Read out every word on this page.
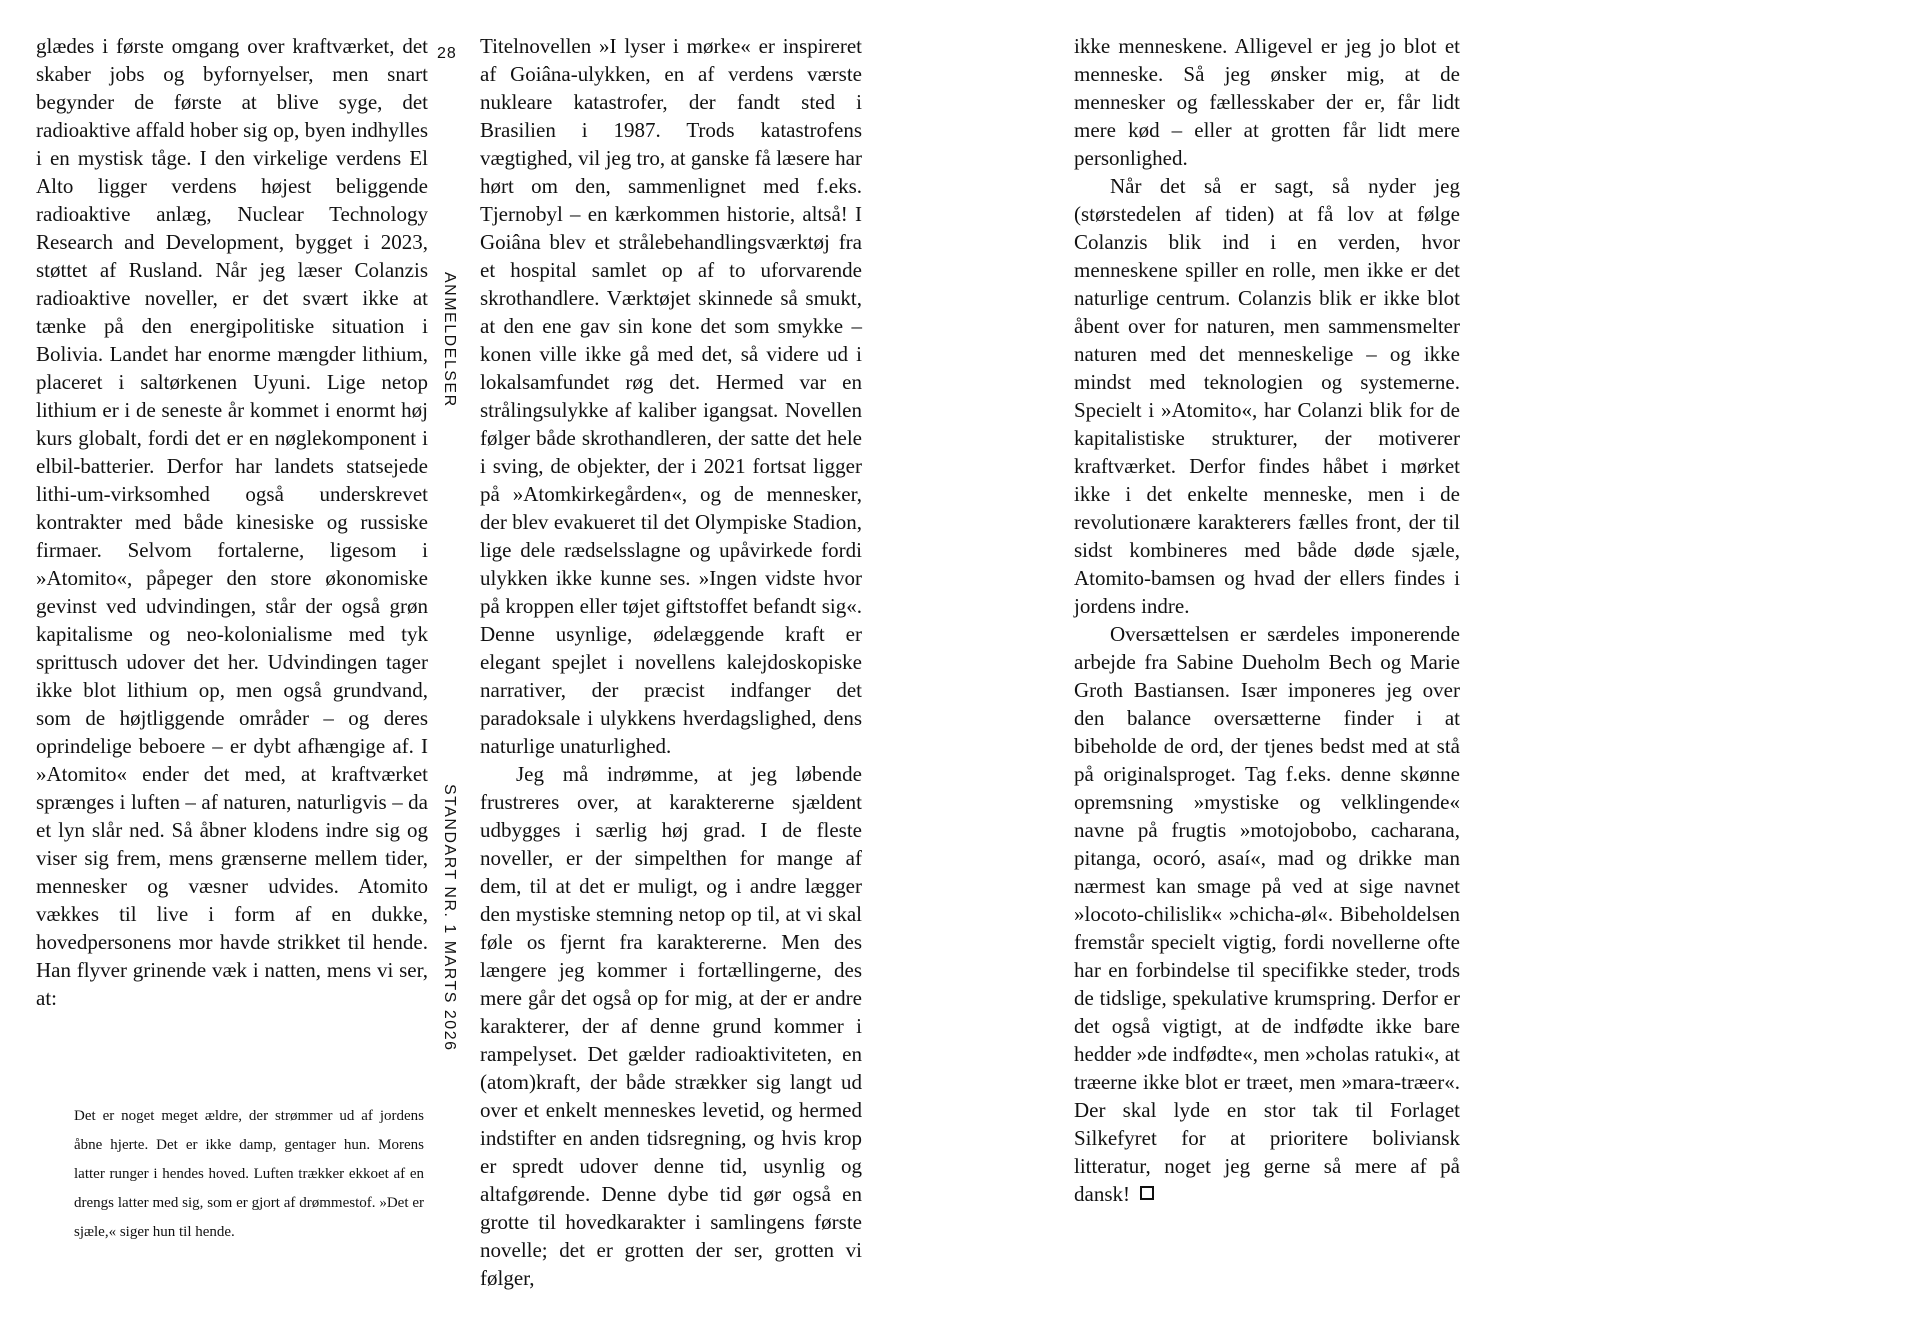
glædes i første omgang over kraftværket, det skaber jobs og byfornyelser, men snart begynder de første at blive syge, det radioaktive affald hober sig op, byen indhylles i en mystisk tåge. I den virkelige verdens El Alto ligger verdens højest beliggende radioaktive anlæg, Nuclear Technology Research and Development, bygget i 2023, støttet af Rusland. Når jeg læser Colanzis radioaktive noveller, er det svært ikke at tænke på den energipolitiske situation i Bolivia. Landet har enorme mængder lithium, placeret i saltørkenen Uyuni. Lige netop lithium er i de seneste år kommet i enormt høj kurs globalt, fordi det er en nøglekomponent i elbil-batterier. Derfor har landets statsejede lithi-um-virksomhed også underskrevet kontrakter med både kinesiske og russiske firmaer. Selvom fortalerne, ligesom i »Atomito«, påpeger den store økonomiske gevinst ved udvindingen, står der også grøn kapitalisme og neo-kolonialisme med tyk sprittusch udover det her. Udvindingen tager ikke blot lithium op, men også grundvand, som de højtliggende områder – og deres oprindelige beboere – er dybt afhængige af. I »Atomito« ender det med, at kraftværket sprænges i luften – af naturen, naturligvis – da et lyn slår ned. Så åbner klodens indre sig og viser sig frem, mens grænserne mellem tider, mennesker og væsner udvides. Atomito vækkes til live i form af en dukke, hovedpersonens mor havde strikket til hende. Han flyver grinende væk i natten, mens vi ser, at:

Det er noget meget ældre, der strømmer ud af jordens åbne hjerte. Det er ikke damp, gentager hun. Morens latter runger i hendes hoved. Luften trækker ekkoet af en drengs latter med sig, som er gjort af drømmestof. »Det er sjæle,« siger hun til hende.
28
ANMELDELSER
STANDART NR. 1 MARTS 2026

Titelnovellen »I lyser i mørke« er inspireret af Goiâna-ulykken, en af verdens værste nukleare katastrofer, der fandt sted i Brasilien i 1987. Trods katastrofens vægtighed, vil jeg tro, at ganske få læsere har hørt om den, sammenlignet med f.eks. Tjernobyl – en kærkommen historie, altså! I Goiâna blev et strålebehandlingsværktøj fra et hospital samlet op af to uforvarende skrothandlere. Værktøjet skinnede så smukt, at den ene gav sin kone det som smykke – konen ville ikke gå med det, så videre ud i lokalsamfundet røg det. Hermed var en strålingsulykke af kaliber igangsat. Novellen følger både skrothandleren, der satte det hele i sving, de objekter, der i 2021 fortsat ligger på »Atomkirkegården«, og de mennesker, der blev evakueret til det Olympiske Stadion, lige dele rædselsslagne og upåvirkede fordi ulykken ikke kunne ses. »Ingen vidste hvor på kroppen eller tøjet giftstoffet befandt sig«. Denne usynlige, ødelæggende kraft er elegant spejlet i novellens kalejdoskopiske narrativer, der præcist indfanger det paradoksale i ulykkens hverdagslighed, dens naturlige unaturlighed.

Jeg må indrømme, at jeg løbende frustreres over, at karaktererne sjældent udbygges i særlig høj grad. I de fleste noveller, er der simpelthen for mange af dem, til at det er muligt, og i andre lægger den mystiske stemning netop op til, at vi skal føle os fjernt fra karaktererne. Men des længere jeg kommer i fortællingerne, des mere går det også op for mig, at der er andre karakterer, der af denne grund kommer i rampelyset. Det gælder radioaktiviteten, en (atom)kraft, der både strækker sig langt ud over et enkelt menneskes levetid, og hermed indstifter en anden tidsregning, og hvis krop er spredt udover denne tid, usynlig og altafgørende. Denne dybe tid gør også en grotte til hovedkarakter i samlingens første novelle; det er grotten der ser, grotten vi følger,

ikke menneskene. Alligevel er jeg jo blot et menneske. Så jeg ønsker mig, at de mennesker og fællesskaber der er, får lidt mere kød – eller at grotten får lidt mere personlighed.

Når det så er sagt, så nyder jeg (størstedelen af tiden) at få lov at følge Colanzis blik ind i en verden, hvor menneskene spiller en rolle, men ikke er det naturlige centrum. Colanzis blik er ikke blot åbent over for naturen, men sammensmelter naturen med det menneskelige – og ikke mindst med teknologien og systemerne. Specielt i »Atomito«, har Colanzi blik for de kapitalistiske strukturer, der motiverer kraftværket. Derfor findes håbet i mørket ikke i det enkelte menneske, men i de revolutionære karakterers fælles front, der til sidst kombineres med både døde sjæle, Atomito-bamsen og hvad der ellers findes i jordens indre.

Oversættelsen er særdeles imponerende arbejde fra Sabine Dueholm Bech og Marie Groth Bastiansen. Især imponeres jeg over den balance oversætterne finder i at bibeholde de ord, der tjenes bedst med at stå på originalsproget. Tag f.eks. denne skønne opremsning »mystiske og velklingende« navne på frugtis »motojobobo, cacharana, pitanga, ocoró, asaí«, mad og drikke man nærmest kan smage på ved at sige navnet »locoto-chilislik« »chicha-øl«. Bibeholdelsen fremstår specielt vigtig, fordi novellerne ofte har en forbindelse til specifikke steder, trods de tidslige, spekulative krumspring. Derfor er det også vigtigt, at de indfødte ikke bare hedder »de indfødte«, men »cholas ratuki«, at træerne ikke blot er træet, men »mara-træer«. Der skal lyde en stor tak til Forlaget Silkefyret for at prioritere boliviansk litteratur, noget jeg gerne så mere af på dansk!
